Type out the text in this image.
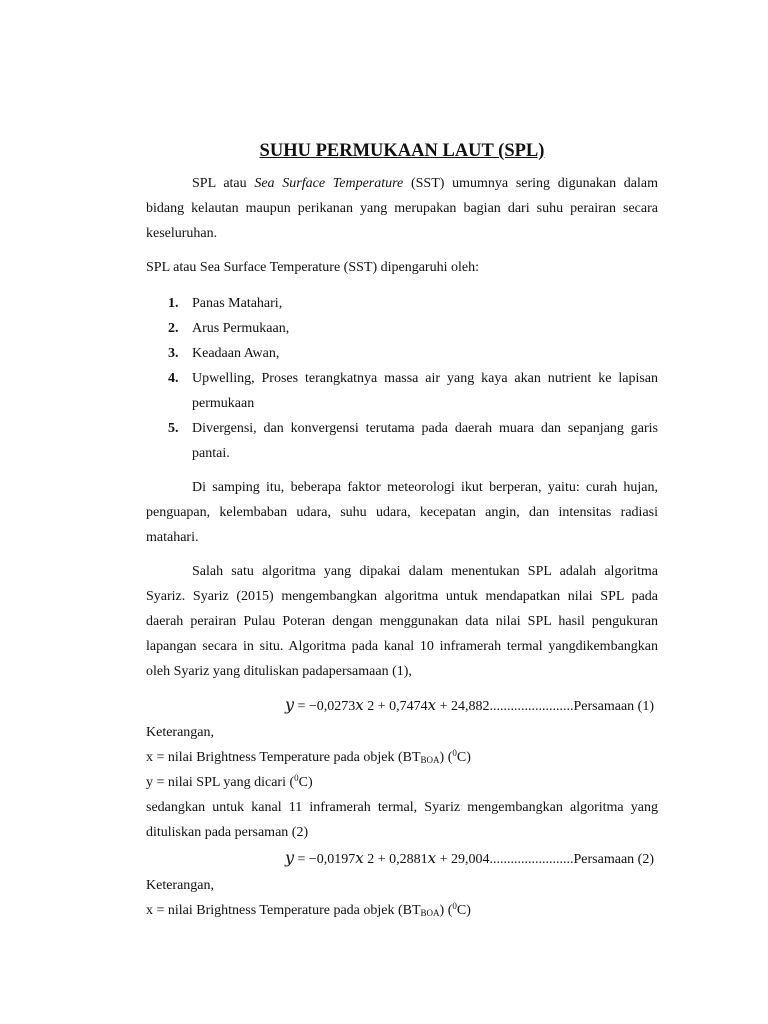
SUHU PERMUKAAN LAUT (SPL)

SPL atau Sea Surface Temperature (SST) umumnya sering digunakan dalam bidang kelautan maupun perikanan yang merupakan bagian dari suhu perairan secara keseluruhan.

SPL atau Sea Surface Temperature (SST) dipengaruhi oleh:

1. Panas Matahari,
2. Arus Permukaan,
3. Keadaan Awan,
4. Upwelling, Proses terangkatnya massa air yang kaya akan nutrient ke lapisan permukaan
5. Divergensi, dan konvergensi terutama pada daerah muara dan sepanjang garis pantai.

Di samping itu, beberapa faktor meteorologi ikut berperan, yaitu: curah hujan, penguapan, kelembaban udara, suhu udara, kecepatan angin, dan intensitas radiasi matahari.

Salah satu algoritma yang dipakai dalam menentukan SPL adalah algoritma Syariz. Syariz (2015) mengembangkan algoritma untuk mendapatkan nilai SPL pada daerah perairan Pulau Poteran dengan menggunakan data nilai SPL hasil pengukuran lapangan secara in situ. Algoritma pada kanal 10 inframerah termal yangdikembangkan oleh Syariz yang dituliskan padapersamaan (1),

y = −0,0273x 2 + 0,7474x + 24,882........................Persamaan (1)

Keterangan,

x = nilai Brightness Temperature pada objek $(BT_{BOA})$ ($^0$C)

y = nilai SPL yang dicari ($^0$C)

sedangkan untuk kanal 11 inframerah termal, Syariz mengembangkan algoritma yang dituliskan pada persaman (2)

y = −0,0197x 2 + 0,2881x + 29,004........................Persamaan (2)

Keterangan,

x = nilai Brightness Temperature pada objek $(BT_{BOA})$ ($^0$C)
